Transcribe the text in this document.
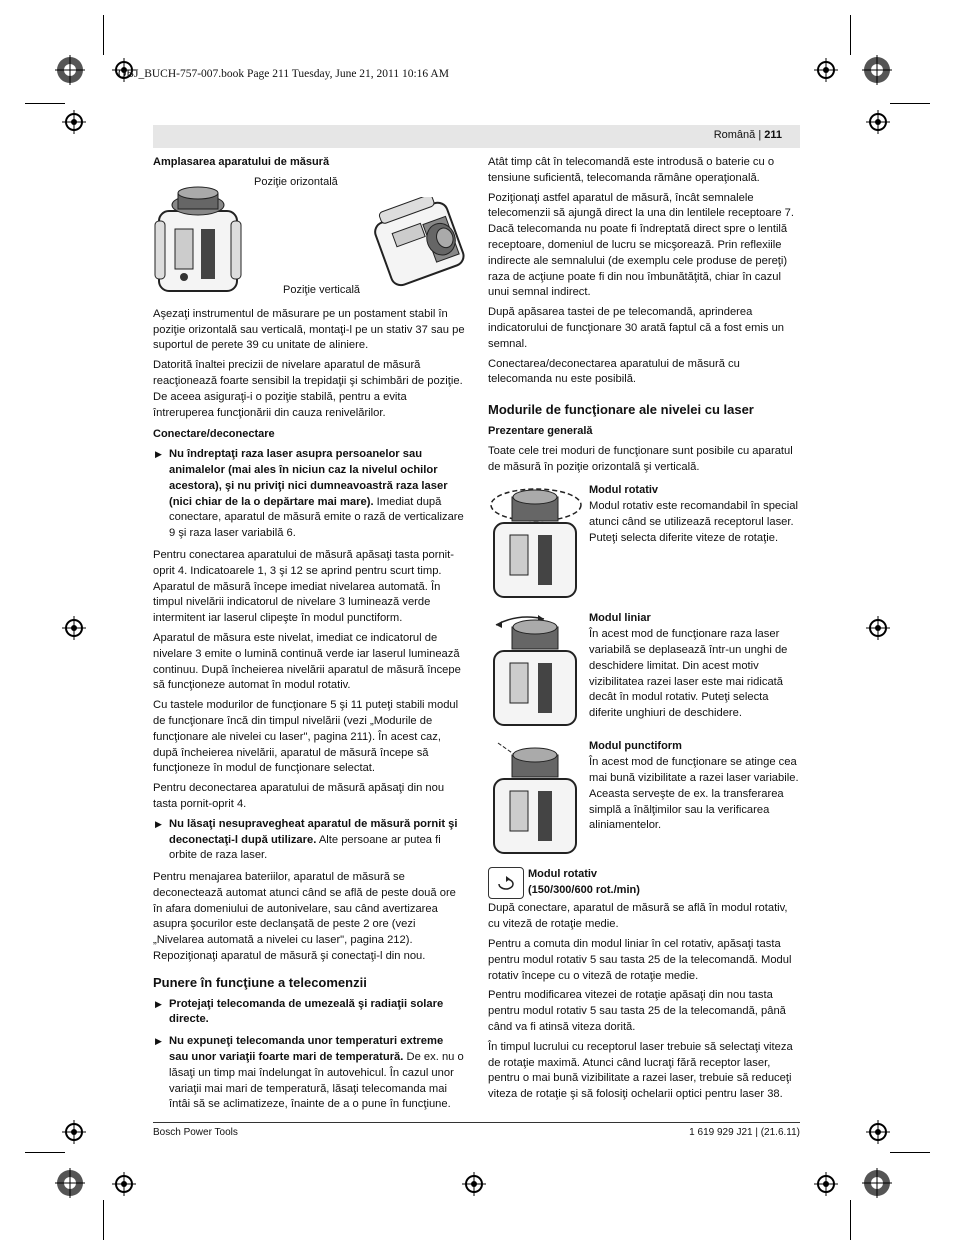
OBJ_BUCH-757-007.book Page 211 Tuesday, June 21, 2011 10:16 AM
Română | 211
Amplasarea aparatului de măsură
Poziţie orizontală
Poziţie verticală

Aşezaţi instrumentul de măsurare pe un postament stabil în poziţie orizontală sau verticală, montaţi-l pe un stativ 37 sau pe suportul de perete 39 cu unitate de aliniere.

Datorită înaltei precizii de nivelare aparatul de măsură reacţionează foarte sensibil la trepidaţii şi schimbări de poziţie. De aceea asiguraţi-i o poziţie stabilă, pentru a evita întreruperea funcţionării din cauza renivelărilor.

Conectare/deconectare
▶ Nu îndreptaţi raza laser asupra persoanelor sau animalelor (mai ales în niciun caz la nivelul ochilor acestora), şi nu priviţi nici dumneavoastră raza laser (nici chiar de la o depărtare mai mare). Imediat după conectare, aparatul de măsură emite o rază de verticalizare 9 şi raza laser variabilă 6.

Pentru conectarea aparatului de măsură apăsaţi tasta pornit-oprit 4. Indicatoarele 1, 3 şi 12 se aprind pentru scurt timp. Aparatul de măsură începe imediat nivelarea automată. În timpul nivelării indicatorul de nivelare 3 luminează verde intermitent iar laserul clipeşte în modul punctiform.

Aparatul de măsura este nivelat, imediat ce indicatorul de nivelare 3 emite o lumină continuă verde iar laserul luminează continuu. După încheierea nivelării aparatul de măsură începe să funcţioneze automat în modul rotativ.

Cu tastele modurilor de funcţionare 5 şi 11 puteţi stabili modul de funcţionare încă din timpul nivelării (vezi „Modurile de funcţionare ale nivelei cu laser", pagina 211). În acest caz, după încheierea nivelării, aparatul de măsură începe să funcţioneze în modul de funcţionare selectat.

Pentru deconectarea aparatului de măsură apăsaţi din nou tasta pornit-oprit 4.

▶ Nu lăsaţi nesupravegheat aparatul de măsură pornit şi deconectaţi-l după utilizare. Alte persoane ar putea fi orbite de raza laser.

Pentru menajarea bateriilor, aparatul de măsură se deconectează automat atunci când se află de peste două ore în afara domeniului de autonivelare, sau când avertizarea asupra şocurilor este declanşată de peste 2 ore (vezi „Nivelarea automată a nivelei cu laser", pagina 212). Repoziţionaţi aparatul de măsură şi conectaţi-l din nou.

Punere în funcţiune a telecomenzii
▶ Protejaţi telecomanda de umezeală şi radiaţii solare directe.
▶ Nu expuneţi telecomanda unor temperaturi extreme sau unor variaţii foarte mari de temperatură. De ex. nu o lăsaţi un timp mai îndelungat în autovehicul. În cazul unor variaţii mai mari de temperatură, lăsaţi telecomanda mai întâi să se aclimatizeze, înainte de a o pune în funcţiune.

Atât timp cât în telecomandă este introdusă o baterie cu o tensiune suficientă, telecomanda rămâne operaţională.

Poziţionaţi astfel aparatul de măsură, încât semnalele telecomenzii să ajungă direct la una din lentilele receptoare 7. Dacă telecomanda nu poate fi îndreptată direct spre o lentilă receptoare, domeniul de lucru se micşorează. Prin reflexiile indirecte ale semnalului (de exemplu cele produse de pereţi) raza de acţiune poate fi din nou îmbunătăţită, chiar în cazul unui semnal indirect.

După apăsarea tastei de pe telecomandă, aprinderea indicatorului de funcţionare 30 arată faptul că a fost emis un semnal.

Conectarea/deconectarea aparatului de măsură cu telecomanda nu este posibilă.

Modurile de funcţionare ale nivelei cu laser
Prezentare generală

Toate cele trei moduri de funcţionare sunt posibile cu aparatul de măsură în poziţie orizontală şi verticală.

Modul rotativ
Modul rotativ este recomandabil în special atunci când se utilizează receptorul laser. Puteţi selecta diferite viteze de rotaţie.
Modul liniar
În acest mod de funcţionare raza laser variabilă se deplasează într-un unghi de deschidere limitat. Din acest motiv vizibilitatea razei laser este mai ridicată decât în modul rotativ. Puteţi selecta diferite unghiuri de deschidere.
Modul punctiform
În acest mod de funcţionare se atinge cea mai bună vizibilitate a razei laser variabile. Aceasta serveşte de ex. la transferarea simplă a înălţimilor sau la verificarea aliniamentelor.
Modul rotativ
(150/300/600 rot./min)

După conectare, aparatul de măsură se află în modul rotativ, cu viteză de rotaţie medie.

Pentru a comuta din modul liniar în cel rotativ, apăsaţi tasta pentru modul rotativ 5 sau tasta 25 de la telecomandă. Modul rotativ începe cu o viteză de rotaţie medie.

Pentru modificarea vitezei de rotaţie apăsaţi din nou tasta pentru modul rotativ 5 sau tasta 25 de la telecomandă, până când va fi atinsă viteza dorită.

În timpul lucrului cu receptorul laser trebuie să selectaţi viteza de rotaţie maximă. Atunci când lucraţi fără receptor laser, pentru o mai bună vizibilitate a razei laser, trebuie să reduceţi viteza de rotaţie şi să folosiţi ochelarii optici pentru laser 38.

Bosch Power Tools	1 619 929 J21 | (21.6.11)
